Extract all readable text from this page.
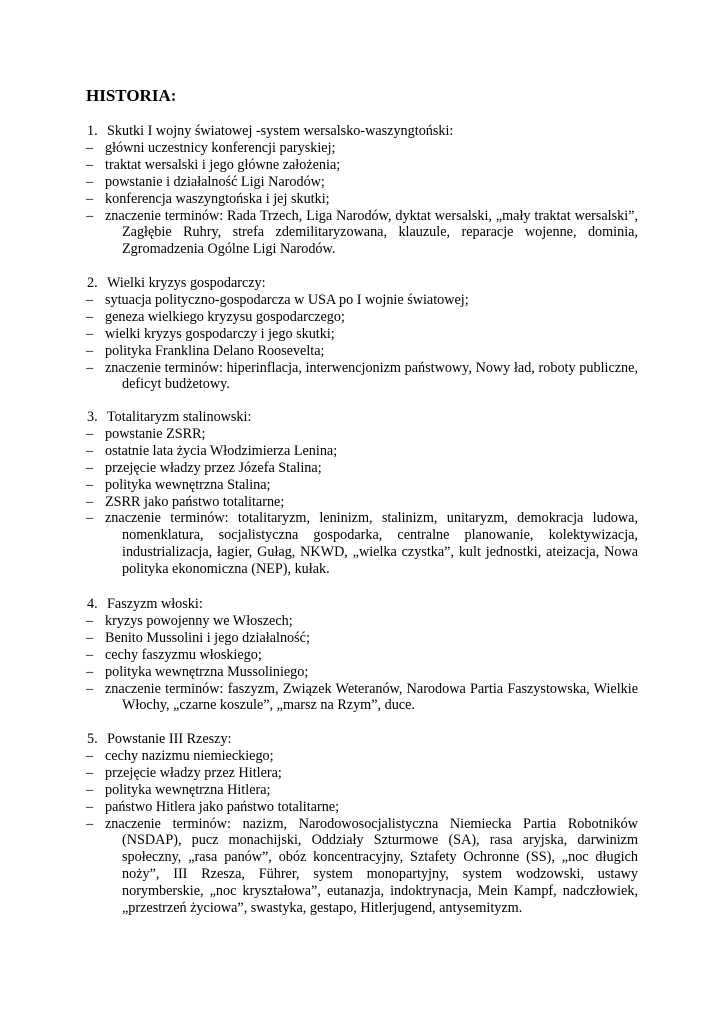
HISTORIA:

1. Skutki I wojny światowej -system wersalsko-waszyngtoński:

– główni uczestnicy konferencji paryskiej;
– traktat wersalski i jego główne założenia;
– powstanie i działalność Ligi Narodów;
– konferencja waszyngtońska i jej skutki;
– znaczenie terminów: Rada Trzech, Liga Narodów, dyktat wersalski, „mały traktat wersalski”, Zagłębie Ruhry, strefa zdemilitaryzowana, klauzule, reparacje wojenne, dominia, Zgromadzenia Ogólne Ligi Narodów.

2. Wielki kryzys gospodarczy:

– sytuacja polityczno-gospodarcza w USA po I wojnie światowej;
– geneza wielkiego kryzysu gospodarczego;
– wielki kryzys gospodarczy i jego skutki;
– polityka Franklina Delano Roosevelta;
– znaczenie terminów: hiperinflacja, interwencjonizm państwowy, Nowy ład, roboty publiczne, deficyt budżetowy.

3. Totalitaryzm stalinowski:

– powstanie ZSRR;
– ostatnie lata życia Włodzimierza Lenina;
– przejęcie władzy przez Józefa Stalina;
– polityka wewnętrzna Stalina;
– ZSRR jako państwo totalitarne;
– znaczenie terminów: totalitaryzm, leninizm, stalinizm, unitaryzm, demokracja ludowa, nomenklatura, socjalistyczna gospodarka, centralne planowanie, kolektywizacja, industrializacja, łagier, Gułag, NKWD, „wielka czystka”, kult jednostki, ateizacja, Nowa polityka ekonomiczna (NEP), kułak.

4. Faszyzm włoski:

– kryzys powojenny we Włoszech;
– Benito Mussolini i jego działalność;
– cechy faszyzmu włoskiego;
– polityka wewnętrzna Mussoliniego;
– znaczenie terminów: faszyzm, Związek Weteranów, Narodowa Partia Faszystowska, Wielkie Włochy, „czarne koszule”, „marsz na Rzym”, duce.

5. Powstanie III Rzeszy:

– cechy nazizmu niemieckiego;
– przejęcie władzy przez Hitlera;
– polityka wewnętrzna Hitlera;
– państwo Hitlera jako państwo totalitarne;
– znaczenie terminów: nazizm, Narodowosocjalistyczna Niemiecka Partia Robotników (NSDAP), pucz monachijski, Oddziały Szturmowe (SA), rasa aryjska, darwinizm społeczny, „rasa panów”, obóz koncentracyjny, Sztafety Ochronne (SS), „noc długich noży”, III Rzesza, Führer, system monopartyjny, system wodzowski, ustawy norymberskie, „noc kryształowa”, eutanazja, indoktrynacja, Mein Kampf, nadczłowiek, „przestrzeń życiowa”, swastyka, gestapo, Hitlerjugend, antysemityzm.
